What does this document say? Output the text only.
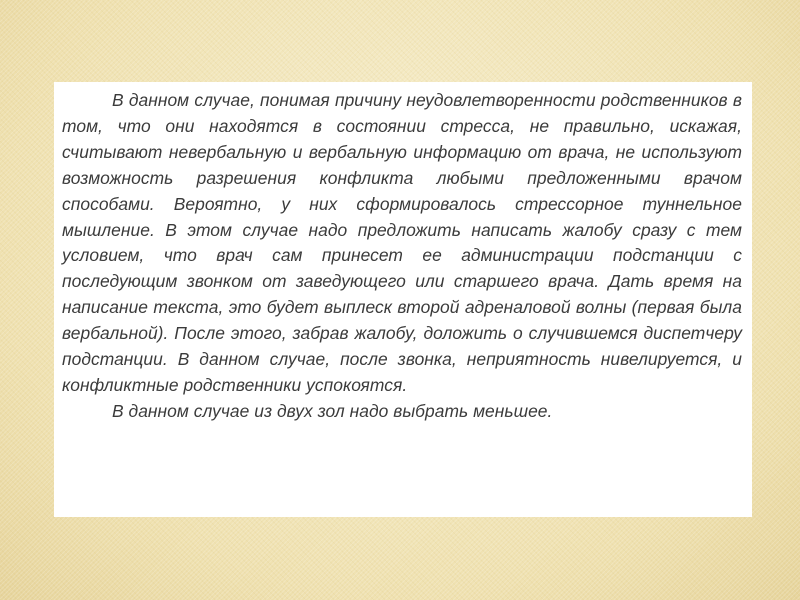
В данном случае, понимая причину неудовлетворенности родственников в том, что они находятся в состоянии стресса, не правильно, искажая, считывают невербальную и вербальную информацию от врача, не используют возможность разрешения конфликта любыми предложенными врачом способами. Вероятно, у них сформировалось стрессорное туннельное мышление. В этом случае надо предложить написать жалобу сразу с тем условием, что врач сам принесет ее администрации подстанции с последующим звонком от заведующего или старшего врача. Дать время на написание текста, это будет выплеск второй адреналовой волны (первая была вербальной). После этого, забрав жалобу, доложить о случившемся диспетчеру подстанции. В данном случае, после звонка, неприятность нивелируется, и конфликтные родственники успокоятся.

В данном случае из двух зол надо выбрать меньшее.
